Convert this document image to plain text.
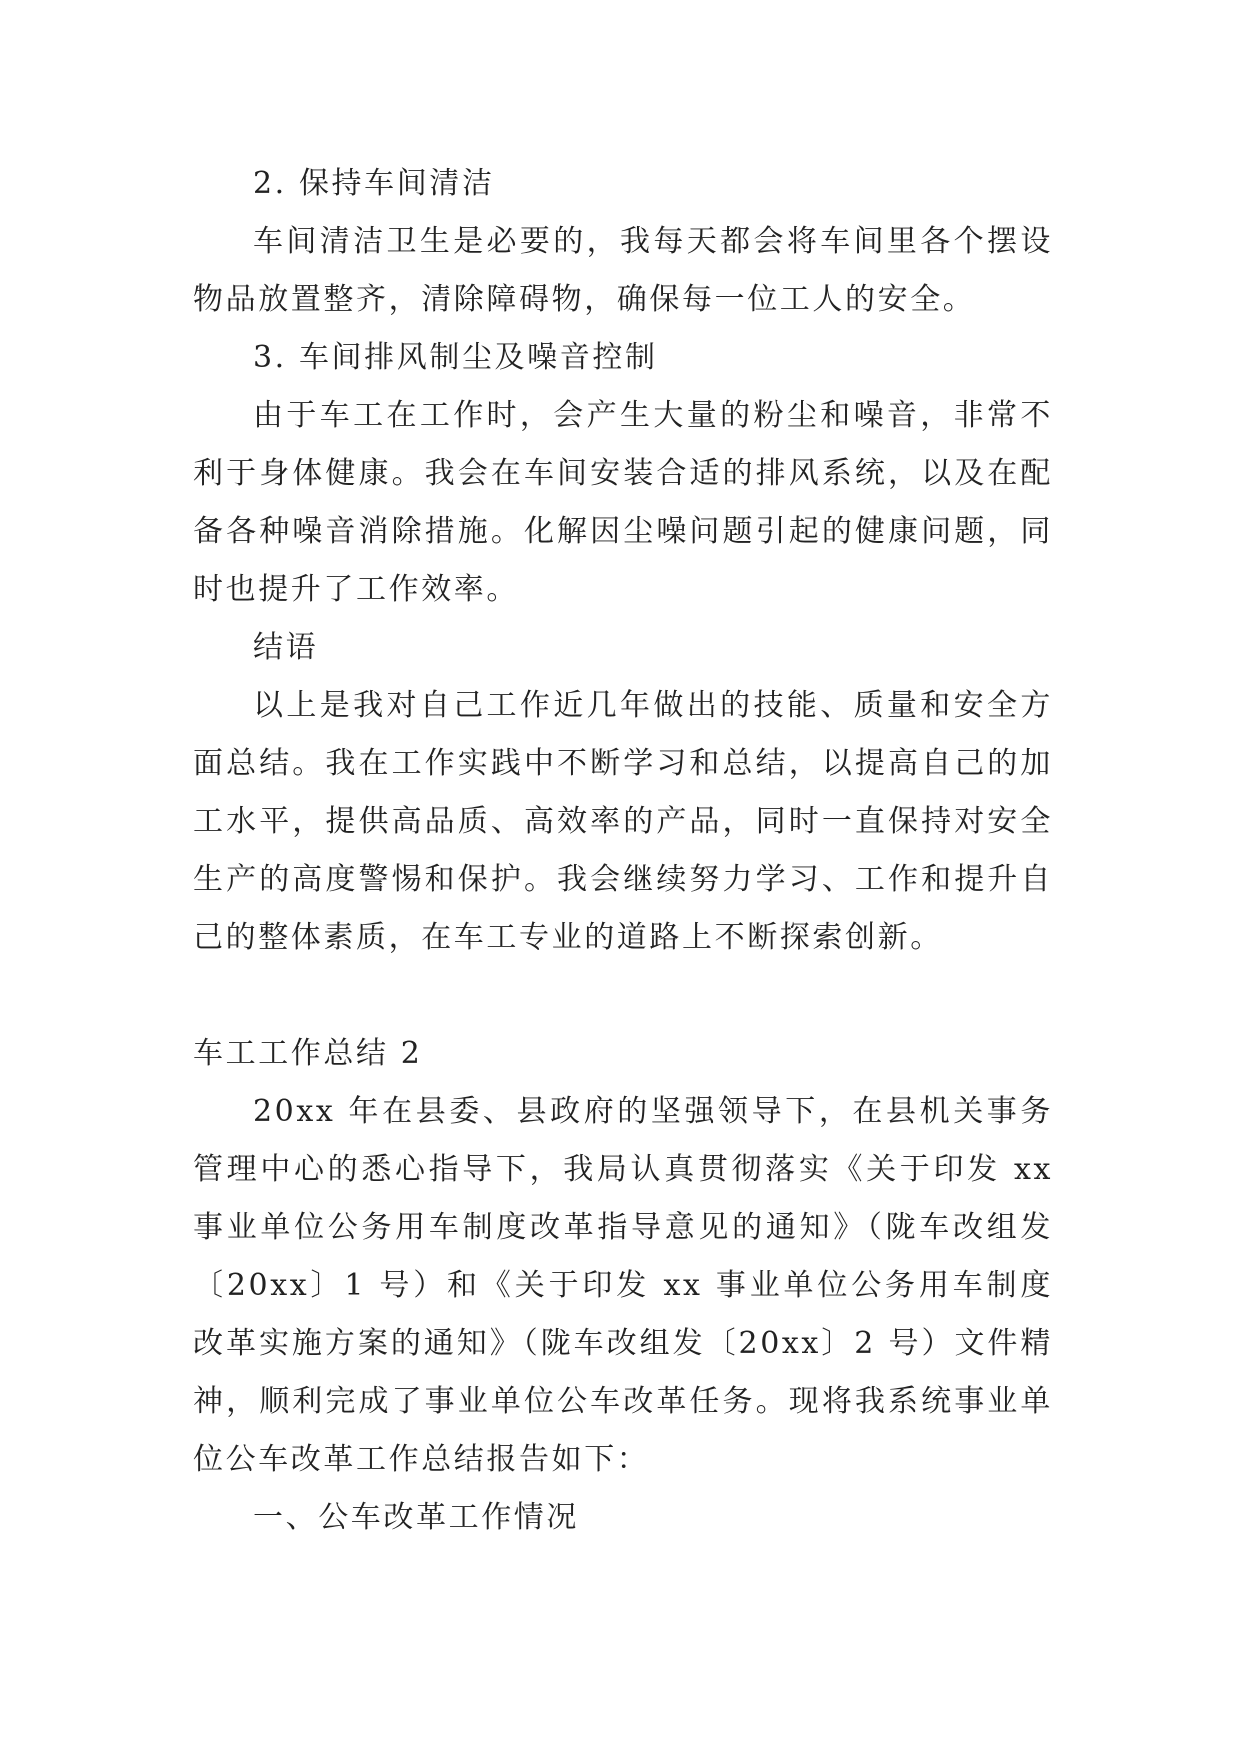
2. 保持车间清洁

车间清洁卫生是必要的，我每天都会将车间里各个摆设物品放置整齐，清除障碍物，确保每一位工人的安全。

3. 车间排风制尘及噪音控制

由于车工在工作时，会产生大量的粉尘和噪音，非常不利于身体健康。我会在车间安装合适的排风系统，以及在配备各种噪音消除措施。化解因尘噪问题引起的健康问题，同时也提升了工作效率。

结语

以上是我对自己工作近几年做出的技能、质量和安全方面总结。我在工作实践中不断学习和总结，以提高自己的加工水平，提供高品质、高效率的产品，同时一直保持对安全生产的高度警惕和保护。我会继续努力学习、工作和提升自己的整体素质，在车工专业的道路上不断探索创新。

车工工作总结 2

20xx 年在县委、县政府的坚强领导下，在县机关事务管理中心的悉心指导下，我局认真贯彻落实《关于印发 xx 事业单位公务用车制度改革指导意见的通知》（陇车改组发〔20xx〕1 号）和《关于印发 xx 事业单位公务用车制度改革实施方案的通知》（陇车改组发〔20xx〕2 号）文件精神，顺利完成了事业单位公车改革任务。现将我系统事业单位公车改革工作总结报告如下：

一、公车改革工作情况
